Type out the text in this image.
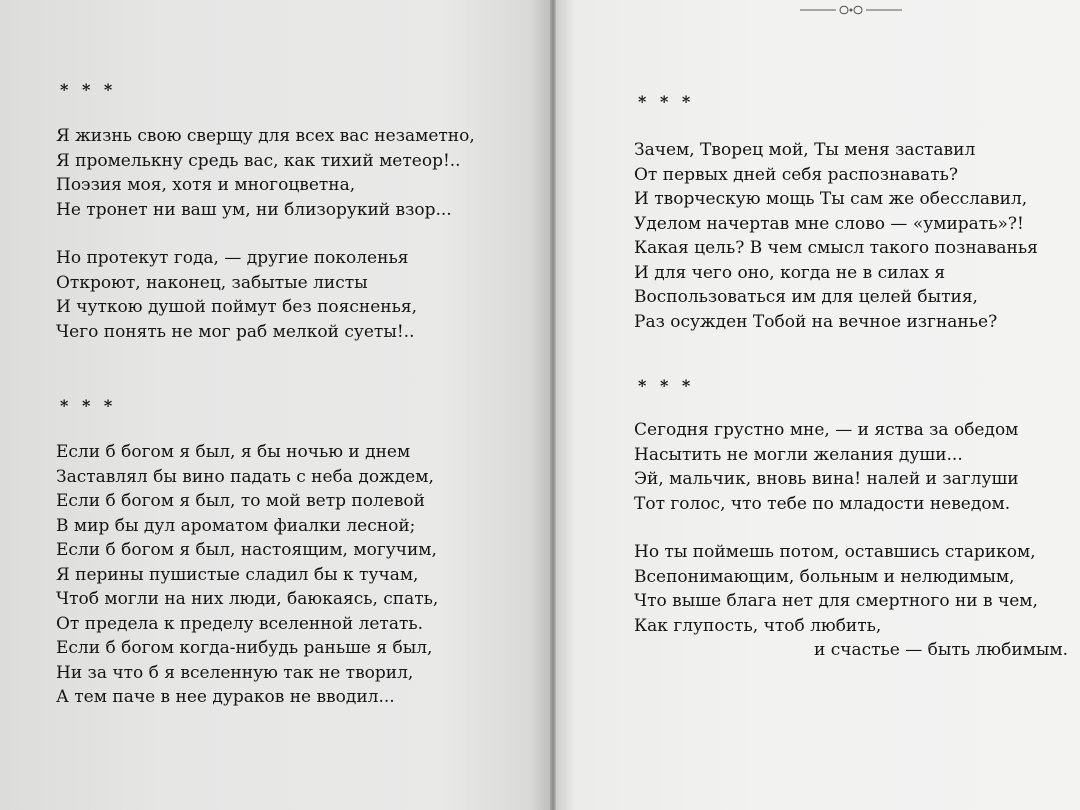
* * *
Я жизнь свою сверщу для всех вас незаметно,
Я промелькну средь вас, как тихий метеор!..
Поэзия моя, хотя и многоцветна,
Не тронет ни ваш ум, ни близорукий взор...
Но протекут года, — другие поколенья
Откроют, наконец, забытые листы
И чуткою душой поймут без поясненья,
Чего понять не мог раб мелкой суеты!..
* * *
Если б богом я был, я бы ночью и днем
Заставлял бы вино падать с неба дождем,
Если б богом я был, то мой ветр полевой
В мир бы дул ароматом фиалки лесной;
Если б богом я был, настоящим, могучим,
Я перины пушистые сладил бы к тучам,
Чтоб могли на них люди, баюкаясь, спать,
От предела к пределу вселенной летать.
Если б богом когда-нибудь раньше я был,
Ни за что б я вселенную так не творил,
А тем паче в нее дураков не вводил...
* * *
Зачем, Творец мой, Ты меня заставил
От первых дней себя распознавать?
И творческую мощь Ты сам же обесславил,
Уделом начертав мне слово — «умирать»?!
Какая цель? В чем смысл такого познаванья
И для чего оно, когда не в силах я
Воспользоваться им для целей бытия,
Раз осужден Тобой на вечное изгнанье?
* * *
Сегодня грустно мне, — и яства за обедом
Насытить не могли желания души...
Эй, мальчик, вновь вина! налей и заглуши
Тот голос, что тебе по младости неведом.
Но ты поймешь потом, оставшись стариком,
Всепонимающим, больным и нелюдимым,
Что выше блага нет для смертного ни в чем,
Как глупость, чтоб любить,
и счастье — быть любимым.
